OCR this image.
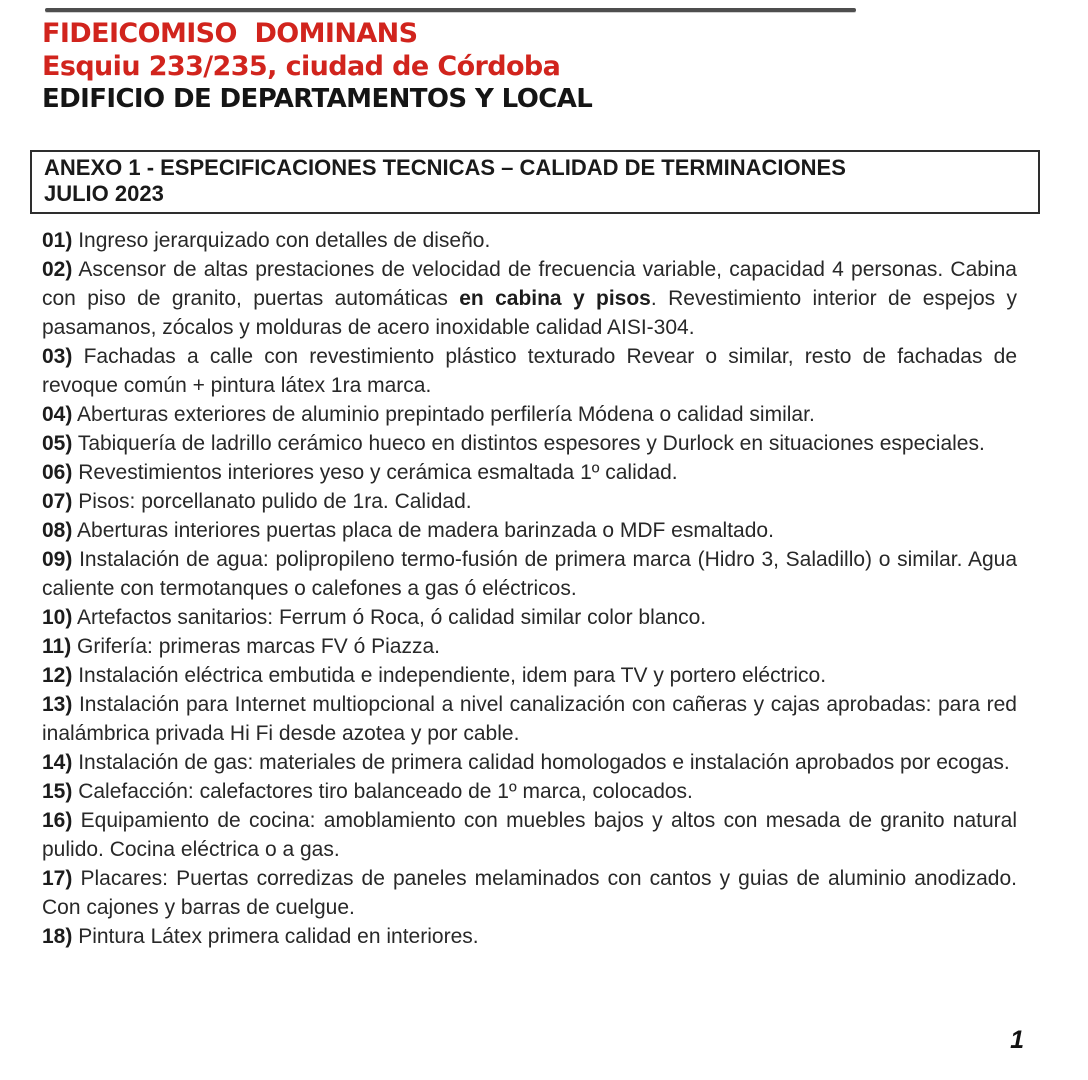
FIDEICOMISO  DOMINANS
Esquiu 233/235, ciudad de Córdoba
EDIFICIO DE DEPARTAMENTOS Y LOCAL
ANEXO 1 - ESPECIFICACIONES TECNICAS – CALIDAD DE TERMINACIONES
JULIO 2023

01) Ingreso jerarquizado con detalles de diseño.

02) Ascensor de altas prestaciones de velocidad de frecuencia variable, capacidad 4 personas. Cabina con piso de granito, puertas automáticas en cabina y pisos. Revestimiento interior de espejos y pasamanos, zócalos y molduras de acero inoxidable calidad AISI-304.

03) Fachadas a calle con revestimiento plástico texturado Revear o similar, resto de fachadas de revoque común + pintura látex 1ra marca.

04) Aberturas exteriores de aluminio prepintado perfilería Módena o calidad similar.

05) Tabiquería de ladrillo cerámico hueco en distintos espesores y Durlock en situaciones especiales.

06) Revestimientos interiores yeso y cerámica esmaltada 1º calidad.

07) Pisos: porcellanato pulido de 1ra. Calidad.

08) Aberturas interiores puertas placa de madera barinzada o MDF esmaltado.

09) Instalación de agua: polipropileno termo-fusión de primera marca (Hidro 3, Saladillo) o similar. Agua caliente con termotanques o calefones a gas ó eléctricos.

10) Artefactos sanitarios: Ferrum ó Roca, ó calidad similar color blanco.

11) Grifería: primeras marcas FV ó Piazza.

12) Instalación eléctrica embutida e independiente, idem para TV y portero eléctrico.

13) Instalación para Internet multiopcional a nivel canalización con cañeras y cajas aprobadas: para red inalámbrica privada Hi Fi desde azotea y por cable.

14) Instalación de gas: materiales de primera calidad homologados e instalación aprobados por ecogas.

15) Calefacción: calefactores tiro balanceado de 1º marca, colocados.

16) Equipamiento de cocina: amoblamiento con muebles bajos y altos con mesada de granito natural pulido. Cocina eléctrica o a gas.

17) Placares: Puertas corredizas de paneles melaminados con cantos y guias de aluminio anodizado. Con cajones y barras de cuelgue.

18) Pintura Látex primera calidad en interiores.

1
